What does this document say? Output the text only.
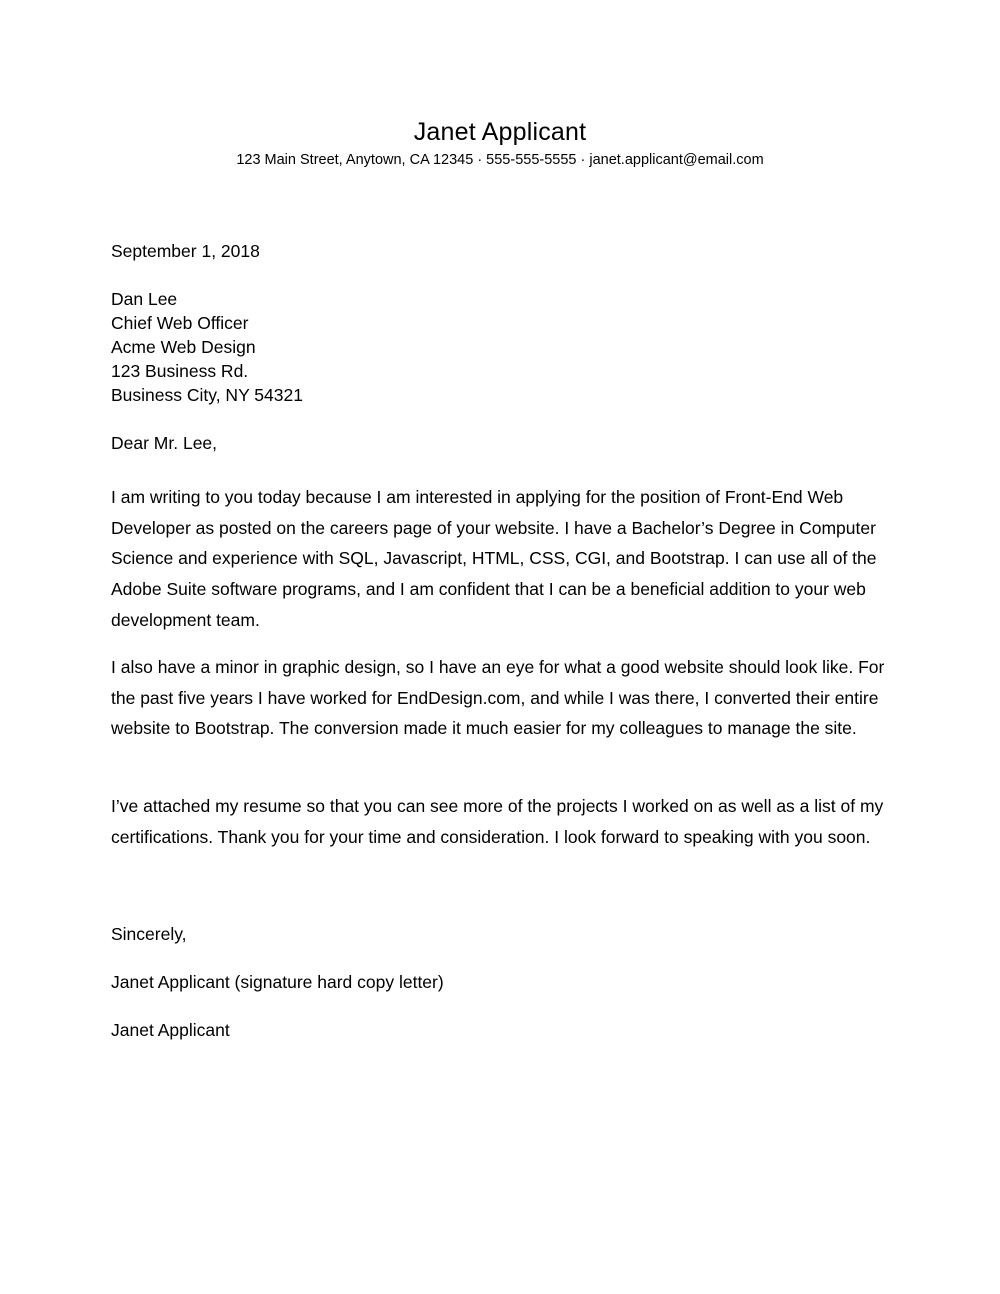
Janet Applicant
123 Main Street, Anytown, CA 12345 · 555-555-5555 · janet.applicant@email.com
September 1, 2018
Dan Lee
Chief Web Officer
Acme Web Design
123 Business Rd.
Business City, NY 54321
Dear Mr. Lee,

I am writing to you today because I am interested in applying for the position of Front-End Web Developer as posted on the careers page of your website. I have a Bachelor’s Degree in Computer Science and experience with SQL, Javascript, HTML, CSS, CGI, and Bootstrap. I can use all of the Adobe Suite software programs, and I am confident that I can be a beneficial addition to your web development team.

I also have a minor in graphic design, so I have an eye for what a good website should look like. For the past five years I have worked for EndDesign.com, and while I was there, I converted their entire website to Bootstrap. The conversion made it much easier for my colleagues to manage the site.

I’ve attached my resume so that you can see more of the projects I worked on as well as a list of my certifications. Thank you for your time and consideration. I look forward to speaking with you soon.

Sincerely,
Janet Applicant (signature hard copy letter)
Janet Applicant
